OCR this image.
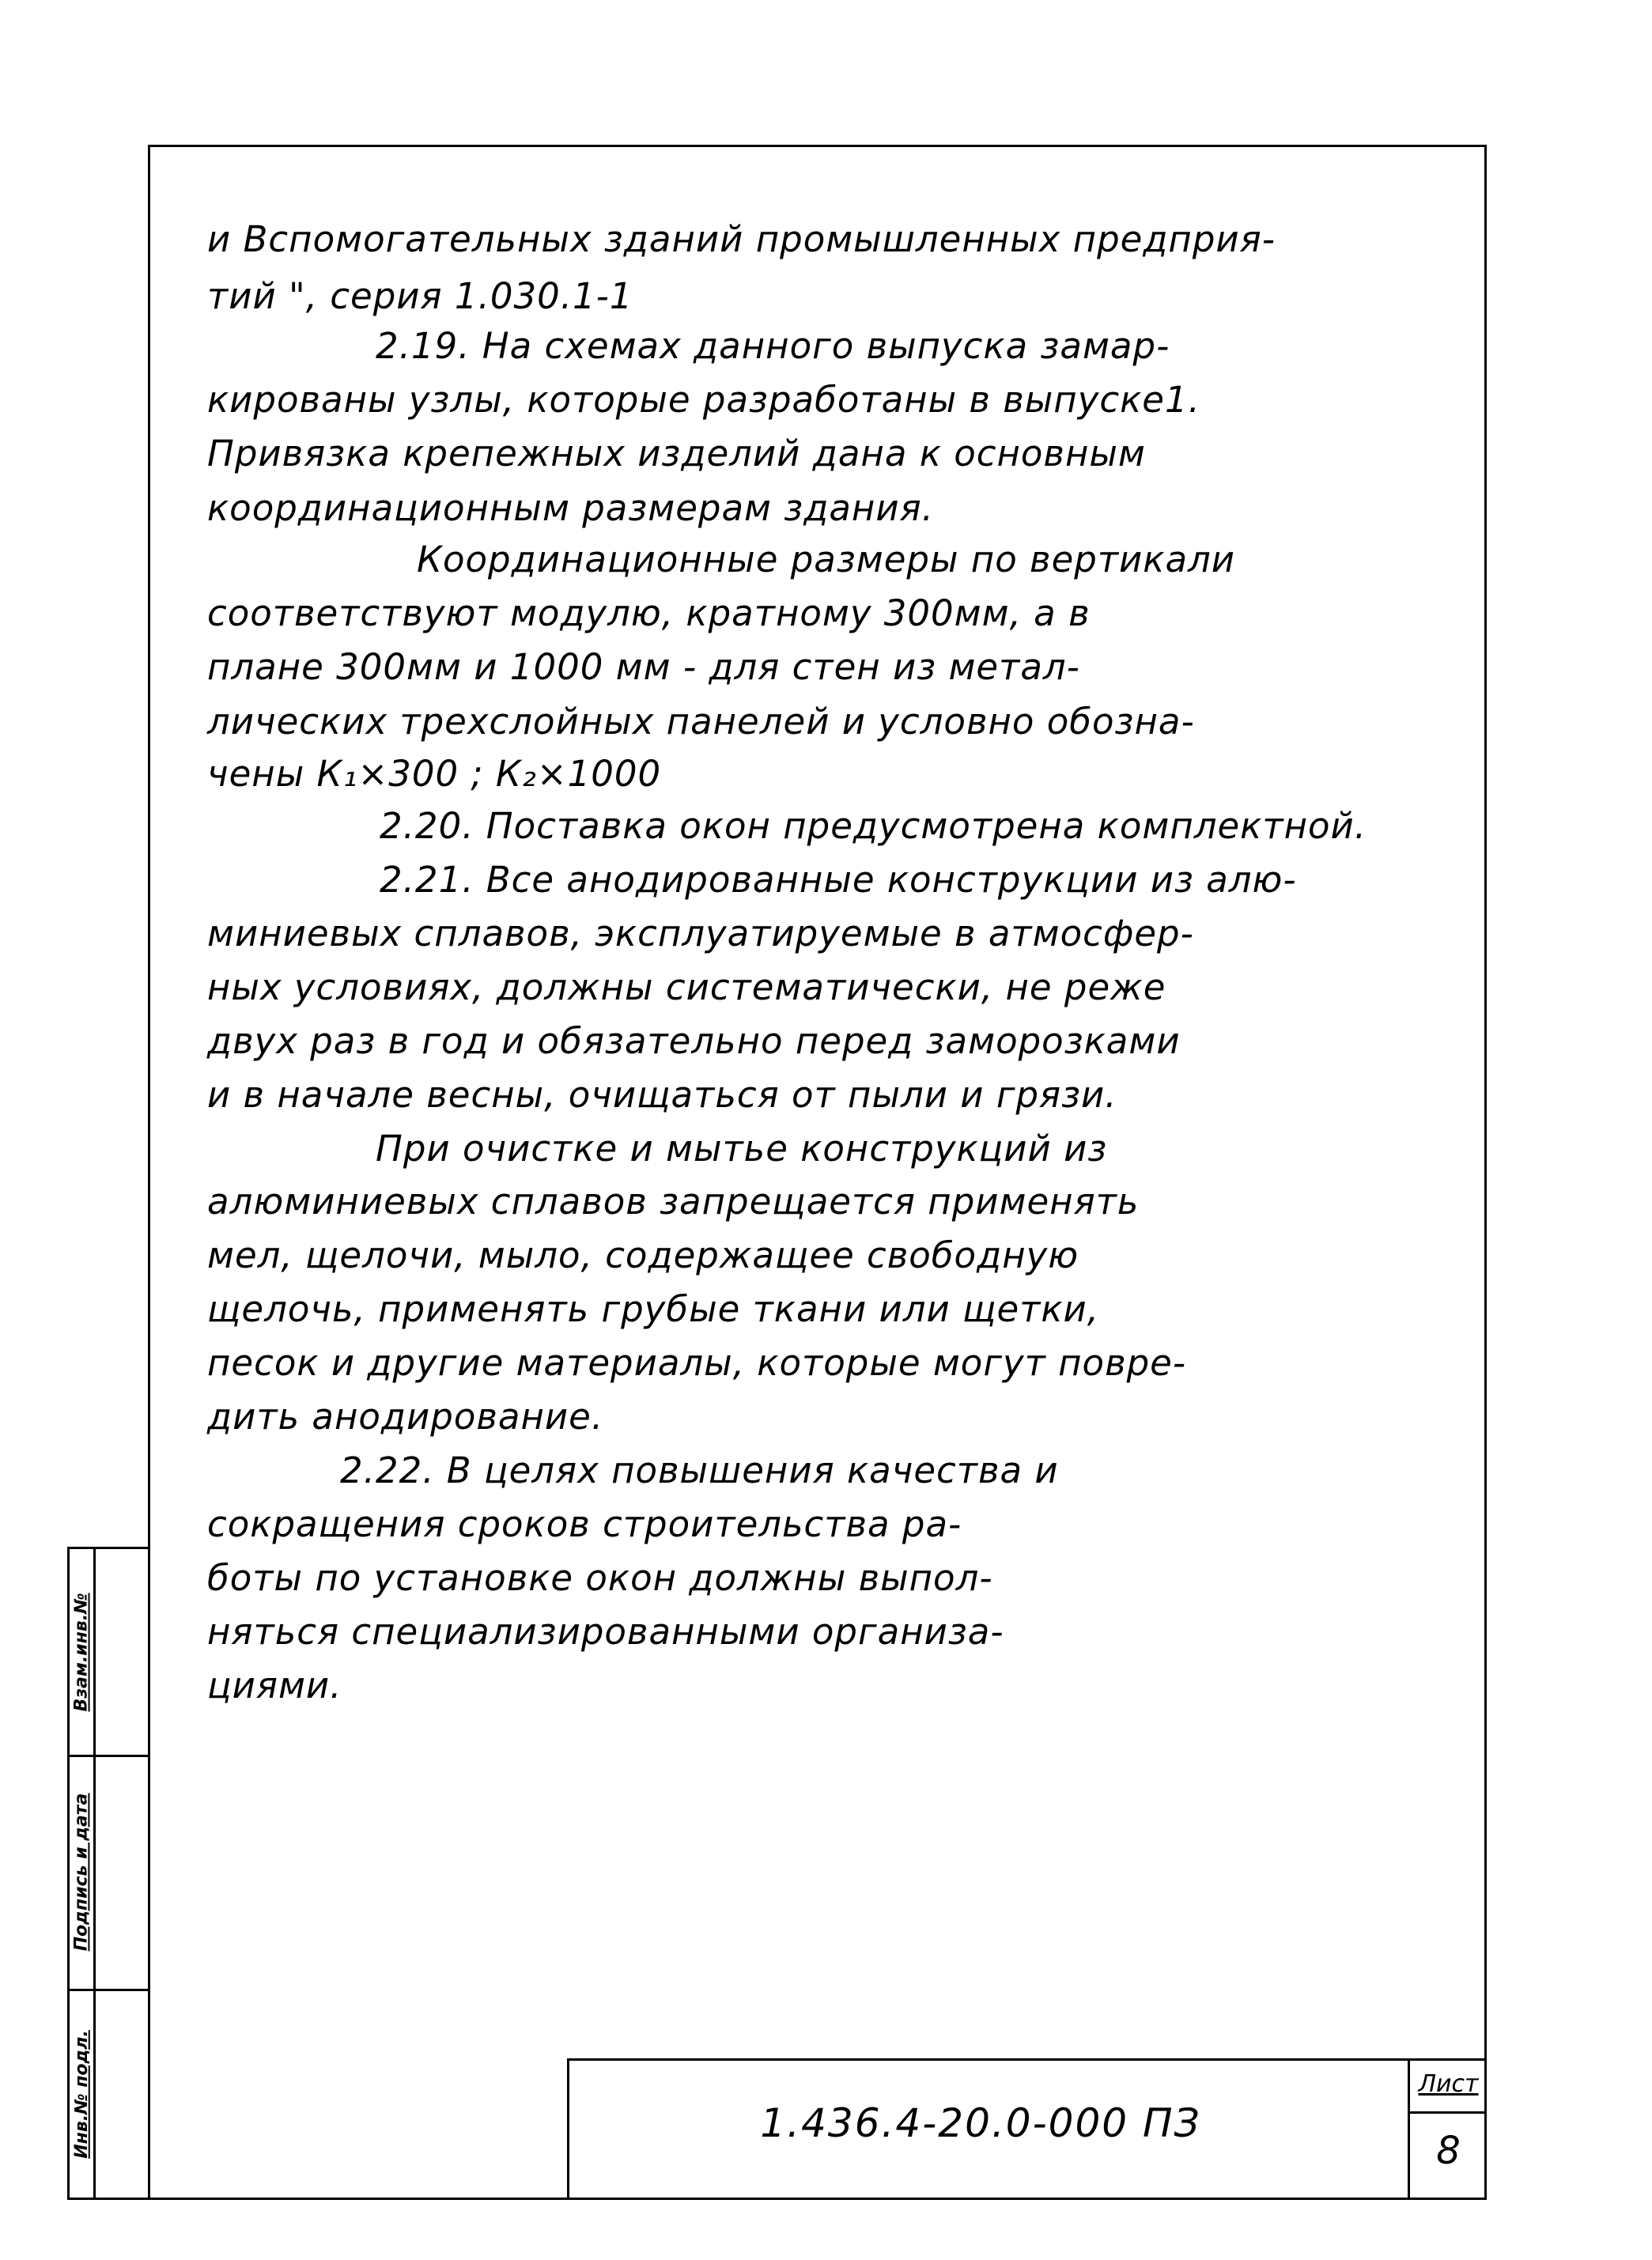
и Вспомогательных зданий промышленных предприя-
тий ", серия 1.030.1-1
2.19. На схемах данного выпуска замар-
кированы узлы, которые разработаны в выпуске1.
Привязка крепежных изделий дана к основным
координационным размерам здания.
Координационные размеры по вертикали
соответствуют модулю, кратному 300мм, а в
плане 300мм и 1000 мм - для стен из метал-
лических трехслойных панелей и условно обозна-
чены К₁×300 ; К₂×1000
2.20. Поставка окон предусмотрена комплектной.
2.21. Все анодированные конструкции из алю-
миниевых сплавов, эксплуатируемые в атмосфер-
ных условиях, должны систематически, не реже
двух раз в год и обязательно перед заморозками
и в начале весны, очищаться от пыли и грязи.
При очистке и мытье конструкций из
алюминиевых сплавов запрещается применять
мел, щелочи, мыло, содержащее свободную
щелочь, применять грубые ткани или щетки,
песок и другие материалы, которые могут повре-
дить анодирование.
2.22. В целях повышения качества и
сокращения сроков строительства ра-
боты по установке окон должны выпол-
няться специализированными организа-
циями.
Взам.инв.№
Подпись и дата
Инв.№ подл.	1.436.4-20.0-000 ПЗ
Лист
8
